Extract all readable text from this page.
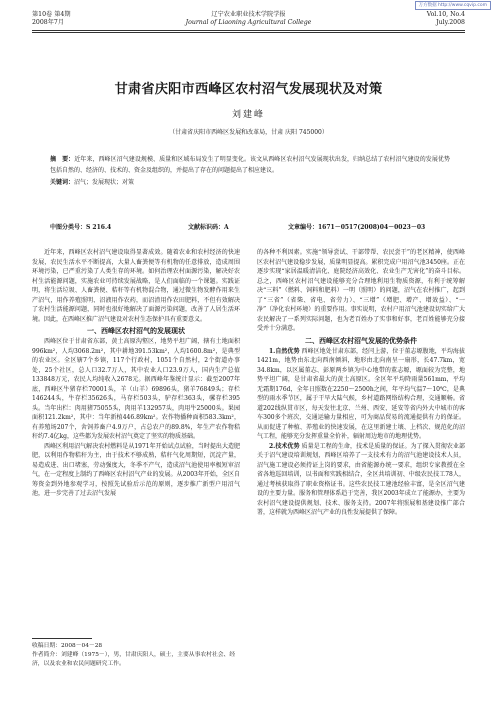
万方数据 http://www.cqvip.com
第10卷 第4期
2008年7月
辽宁农业职业技术学院学报
Journal of Liaoning Agricultural College
Vol.10, No.4
July.2008
甘肃省庆阳市西峰区农村沼气发展现状及对策
刘建峰
（甘肃省庆阳市西峰区发展和改革局，甘肃 庆阳 745000）

摘　要：近年来，西峰区沼气建设规模、质量和区域布局发生了明显变化。该文从西峰区农村沼气发展现状出发，归纳总结了农村沼气建设的发展优势包括自然的、经济的、技术的、资金及组织的，并提出了存在的问题提出了相应建议。

关键词：沼气；发展现状；对策

中图分类号：S 216.4	文献标识码：A	文章编号：1671－0517(2008)04－0023－03

近年来，西峰区农村沼气建设取得显著成效。随着农业和农村经济的快速发展，农民生活水平不断提高，大量人畜粪便等有机物的任意排放，造成周围环境污染，已严重污染了人类生存的环境。如何治理农村面源污染，解决好农村生活能源问题，实施农业可持续发展战略，是人们面临的一个课题。实践证明，将生活垃圾、人畜粪便、秸秆等有机物混合物，通过微生物发酵作用来生产沼气，用作养殖照明、沼液用作农药，而沼渣用作农田肥料，不但有效解决了农村生活能源问题，同时也很好地解决了面源污染问题，改善了人居生活环境。因此，在西峰区推广沼气建设对农村生态保护具有重要意义。

一、西峰区农村沼气的发展现状

西峰区位于甘肃省东部，黄土高原沟壑区，地势平坦广阔，辖有土地面积996km²，人均3068.2m²，其中耕地391.53km²，人均1600.8m²，是典型的农业区。全区辖7个乡镇，117个行政村，1051个自然村，2个街道办事处，25个社区，总人口32.7万人，其中农业人口23.9万人，国内生产总值133848万元，农民人均纯收入2678元。据西峰年鉴统计显示：截至2007年底，西峰区牛猪存栏70001头，羊（山羊）69896头，猪羊76849头；存栏146244头，牛存栏35626头，马存栏503头，驴存栏363头，骡存栏395头。当年出栏：肉用猪75055头，肉用羊132957头，肉用牛25000头。果园面积121.2km²，其中：当年新植446.89km²。农作物播种面积583.3km²，有养殖场207个，舍饲养畜户4.9万户，占总农户的89.8%，年生产农作物秸秆约7.4亿kg，这些都为发展农村沼气奠定了坚实的物质基础。

西峰区利用沼气解决农村燃料是从1971年开始试点试验，当时提出大造肥肥，以利用作物秸秆为主，由于技术不够成熟，秸秆气化周期短，沉淀产量，易造成进、出口堵塞，劳动强度大，冬季不产气，造成沼气池使用率极短审沼气，在一定程度上制约了西峰区农村沼气产业的发展。从2003年开始，全区自筹资金到外地参观学习，按照先试验后示范的原则，逐步推广新型户用沼气池，进一步完善了过去沼气发展

收稿日期：2008－04－28
作者简介：刘建峰（1975－），男，甘肃庆阳人，硕士，主要从事农村社会、经济，以及农业和农民问题研究工作。

的各种不利因素。实施“领导尝试、干部带帮、农民尝干”的老区精神，使西峰区农村沼气建设稳步发展，质量明显提高。累积完成户用沼气池3450座。正在逐步实现“家居温暖清洁化、庭院经济高效化、农业生产无害化”的奋斗目标。总之，西峰区农村沼气建设能够充分合理地利用生物质资源，有利于统筹解决“三料”（燃料、饲料和肥料）一明（照明）的问题，沼气在农村推广，起到了“三省”（省柴、省电、省劳力）、“三增”（增肥、增产、增效益）、“一净”（净化农村环境）的重要作用。事实说明，农村户用沼气池建设切实给广大农民解决了一系列实际问题，也为老百姓办了实事和好事，老百姓能够充分接受并十分满意。

二、西峰区农村沼气发展的优势条件

1.自然优势 西峰区地处甘肃东部，经闫上游，位于董志塬腹地，平均海拔1421m，地势由东北向西南倾斜，地形由北向南呈一扇形，长47.7km，宽34.8km，以区属董志、彭原两乡镇为中心地带的董志塬，塬面较为完整，地势平坦广阔，是甘肃省最大的黄土高原区。全区年平均降雨量561mm，平均无霜期176d，全年日照数在2250～2500h之间，年平均气温7～10℃，是典型的雨水季节区，属于干旱大陆气候，乡村道路网络结构合理，交通顺畅。省道202线纵贯市区，每天发往北京、兰州、西安、延安等省内外大中城市的客车300多个班次，交通运输力量相应，可为商品贸易的流通提供有力的保证。从而促进了种植、养殖业的快速发展，在这里新建土壤、上档次、规范化的沼气工程，能够充分发挥重量全价补，辐射周边地市的地理优势。

2.技术优势 质量是工程的生命，技术是质量的保证。为了探入贯彻农业部关于沼气建设培训规划，西峰区培养了一支技术有力的沼气池建设技术人员，沼气施工建设必须持证上岗的要求，由省能源办统一要求，组织专家教授在全省各地巡回培训，以书面和实践相结合，全区共培训初、中级农民技工78人，通过考核获取得了职业资格证书。这些农民技工建池经验丰富，是全区沼气建设的主要力量。服务和管理体系趋于完善，我区2003年成立了能源办，主要为农村沼气建设提供规划、技术、服务支持。2007年将照展和基建设推广部合署，这样就为西峰区沼气产业的良性发展提供了保障。
